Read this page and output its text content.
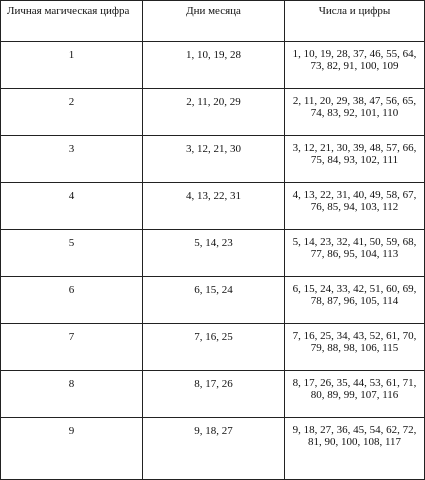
Личная магическая цифра	Дни месяца	Числа и цифры
1	1, 10, 19, 28	1, 10, 19, 28, 37, 46, 55, 64, 73, 82, 91, 100, 109
2	2, 11, 20, 29	2, 11, 20, 29, 38, 47, 56, 65, 74, 83, 92, 101, 110
3	3, 12, 21, 30	3, 12, 21, 30, 39, 48, 57, 66, 75, 84, 93, 102, 111
4	4, 13, 22, 31	4, 13, 22, 31, 40, 49, 58, 67, 76, 85, 94, 103, 112
5	5, 14, 23	5, 14, 23, 32, 41, 50, 59, 68, 77, 86, 95, 104, 113
6	6, 15, 24	6, 15, 24, 33, 42, 51, 60, 69, 78, 87, 96, 105, 114
7	7, 16, 25	7, 16, 25, 34, 43, 52, 61, 70, 79, 88, 98, 106, 115
8	8, 17, 26	8, 17, 26, 35, 44, 53, 61, 71, 80, 89, 99, 107, 116
9	9, 18, 27	9, 18, 27, 36, 45, 54, 62, 72, 81, 90, 100, 108, 117
